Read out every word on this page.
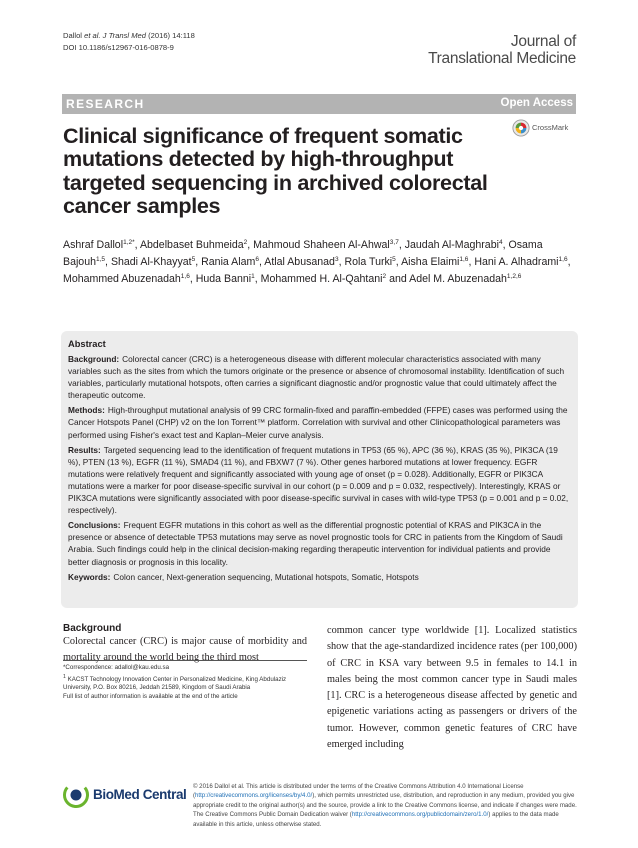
Dallol et al. J Transl Med (2016) 14:118
DOI 10.1186/s12967-016-0878-9	Journal of
Translational Medicine
RESEARCH	Open Access
CrossMark
Clinical significance of frequent somatic mutations detected by high-throughput targeted sequencing in archived colorectal cancer samples
Ashraf Dallol$^{1,2*}$, Abdelbaset Buhmeida$^2$, Mahmoud Shaheen Al-Ahwal$^{3,7}$, Jaudah Al-Maghrabi$^4$, Osama Bajouh$^{1,5}$, Shadi Al-Khayyat$^5$, Rania Alam$^6$, Atlal Abusanad$^3$, Rola Turki$^5$, Aisha Elaimi$^{1,6}$, Hani A. Alhadrami$^{1,6}$, Mohammed Abuzenadah$^{1,6}$, Huda Banni$^1$, Mohammed H. Al-Qahtani$^2$ and Adel M. Abuzenadah$^{1,2,6}$
Abstract

Background: Colorectal cancer (CRC) is a heterogeneous disease with different molecular characteristics associated with many variables such as the sites from which the tumors originate or the presence or absence of chromosomal instability. Identification of such variables, particularly mutational hotspots, often carries a significant diagnostic and/or prognostic value that could ultimately affect the therapeutic outcome.

Methods: High-throughput mutational analysis of 99 CRC formalin-fixed and paraffin-embedded (FFPE) cases was performed using the Cancer Hotspots Panel (CHP) v2 on the Ion Torrent™ platform. Correlation with survival and other Clinicopathological parameters was performed using Fisher's exact test and Kaplan–Meier curve analysis.

Results: Targeted sequencing lead to the identification of frequent mutations in TP53 (65 %), APC (36 %), KRAS (35 %), PIK3CA (19 %), PTEN (13 %), EGFR (11 %), SMAD4 (11 %), and FBXW7 (7 %). Other genes harbored mutations at lower frequency. EGFR mutations were relatively frequent and significantly associated with young age of onset (p = 0.028). Additionally, EGFR or PIK3CA mutations were a marker for poor disease-specific survival in our cohort (p = 0.009 and p = 0.032, respectively). Interestingly, KRAS or PIK3CA mutations were significantly associated with poor disease-specific survival in cases with wild-type TP53 (p = 0.001 and p = 0.02, respectively).

Conclusions: Frequent EGFR mutations in this cohort as well as the differential prognostic potential of KRAS and PIK3CA in the presence or absence of detectable TP53 mutations may serve as novel prognostic tools for CRC in patients from the Kingdom of Saudi Arabia. Such findings could help in the clinical decision-making regarding therapeutic intervention for individual patients and provide better diagnosis or prognosis in this locality.

Keywords: Colon cancer, Next-generation sequencing, Mutational hotspots, Somatic, Hotspots

Background

Colorectal cancer (CRC) is major cause of morbidity and mortality around the world being the third most

common cancer type worldwide [1]. Localized statistics show that the age-standardized incidence rates (per 100,000) of CRC in KSA vary between 9.5 in females to 14.1 in males being the most common cancer type in Saudi males [1]. CRC is a heterogeneous disease affected by genetic and epigenetic variations acting as passengers or drivers of the tumor. However, common genetic features of CRC have emerged including

*Correspondence: adallol@kau.edu.sa
$^1$ KACST Technology Innovation Center in Personalized Medicine, King Abdulaziz University, P.O. Box 80216, Jeddah 21589, Kingdom of Saudi Arabia
Full list of author information is available at the end of the article
BioMed Central
© 2016 Dallol et al. This article is distributed under the terms of the Creative Commons Attribution 4.0 International License (http://creativecommons.org/licenses/by/4.0/), which permits unrestricted use, distribution, and reproduction in any medium, provided you give appropriate credit to the original author(s) and the source, provide a link to the Creative Commons license, and indicate if changes were made. The Creative Commons Public Domain Dedication waiver (http://creativecommons.org/publicdomain/zero/1.0/) applies to the data made available in this article, unless otherwise stated.
